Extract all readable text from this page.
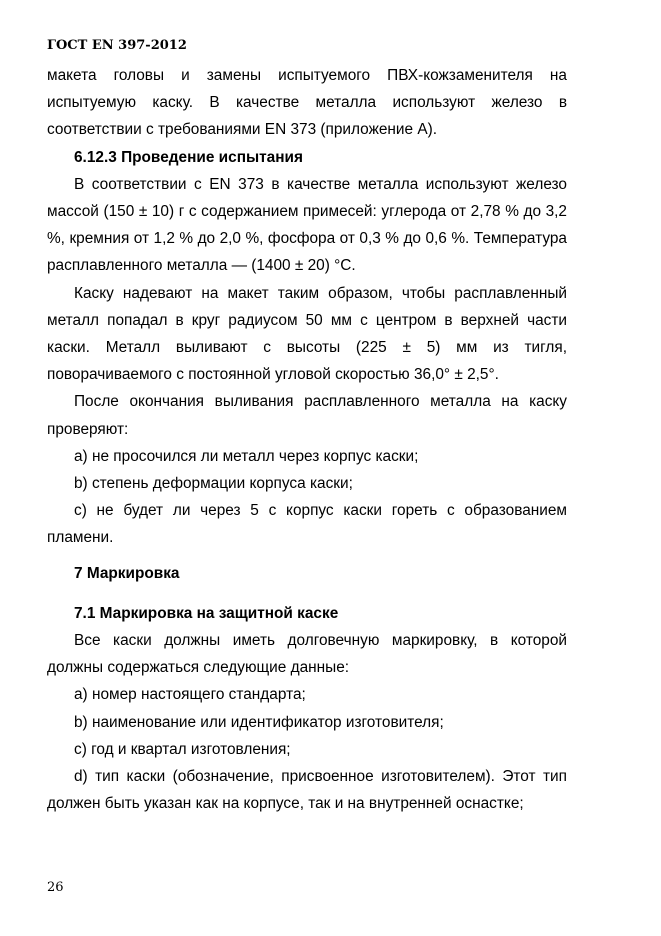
ГОСТ EN 397-2012

макета головы и замены испытуемого ПВХ-кожзаменителя на испытуемую каску. В качестве металла используют железо в соответствии с требованиями EN 373 (приложение А).

6.12.3 Проведение испытания

В соответствии с EN 373 в качестве металла используют железо массой (150 ± 10) г с содержанием примесей: углерода от 2,78 % до 3,2 %, кремния от 1,2 % до 2,0 %, фосфора от 0,3 % до 0,6 %. Температура расплавленного металла — (1400 ± 20) °С.

Каску надевают на макет таким образом, чтобы расплавленный металл попадал в круг радиусом 50 мм с центром в верхней части каски. Металл выливают с высоты (225 ± 5) мм из тигля, поворачиваемого с постоянной угловой скоростью 36,0° ± 2,5°.

После окончания выливания расплавленного металла на каску проверяют:

а) не просочился ли металл через корпус каски;

b) степень деформации корпуса каски;

с) не будет ли через 5 с корпус каски гореть с образованием пламени.

7 Маркировка

7.1 Маркировка на защитной каске

Все каски должны иметь долговечную маркировку, в которой должны содержаться следующие данные:

а) номер настоящего стандарта;

b) наименование или идентификатор изготовителя;

с) год и квартал изготовления;

d) тип каски (обозначение, присвоенное изготовителем). Этот тип должен быть указан как на корпусе, так и на внутренней оснастке;

26
